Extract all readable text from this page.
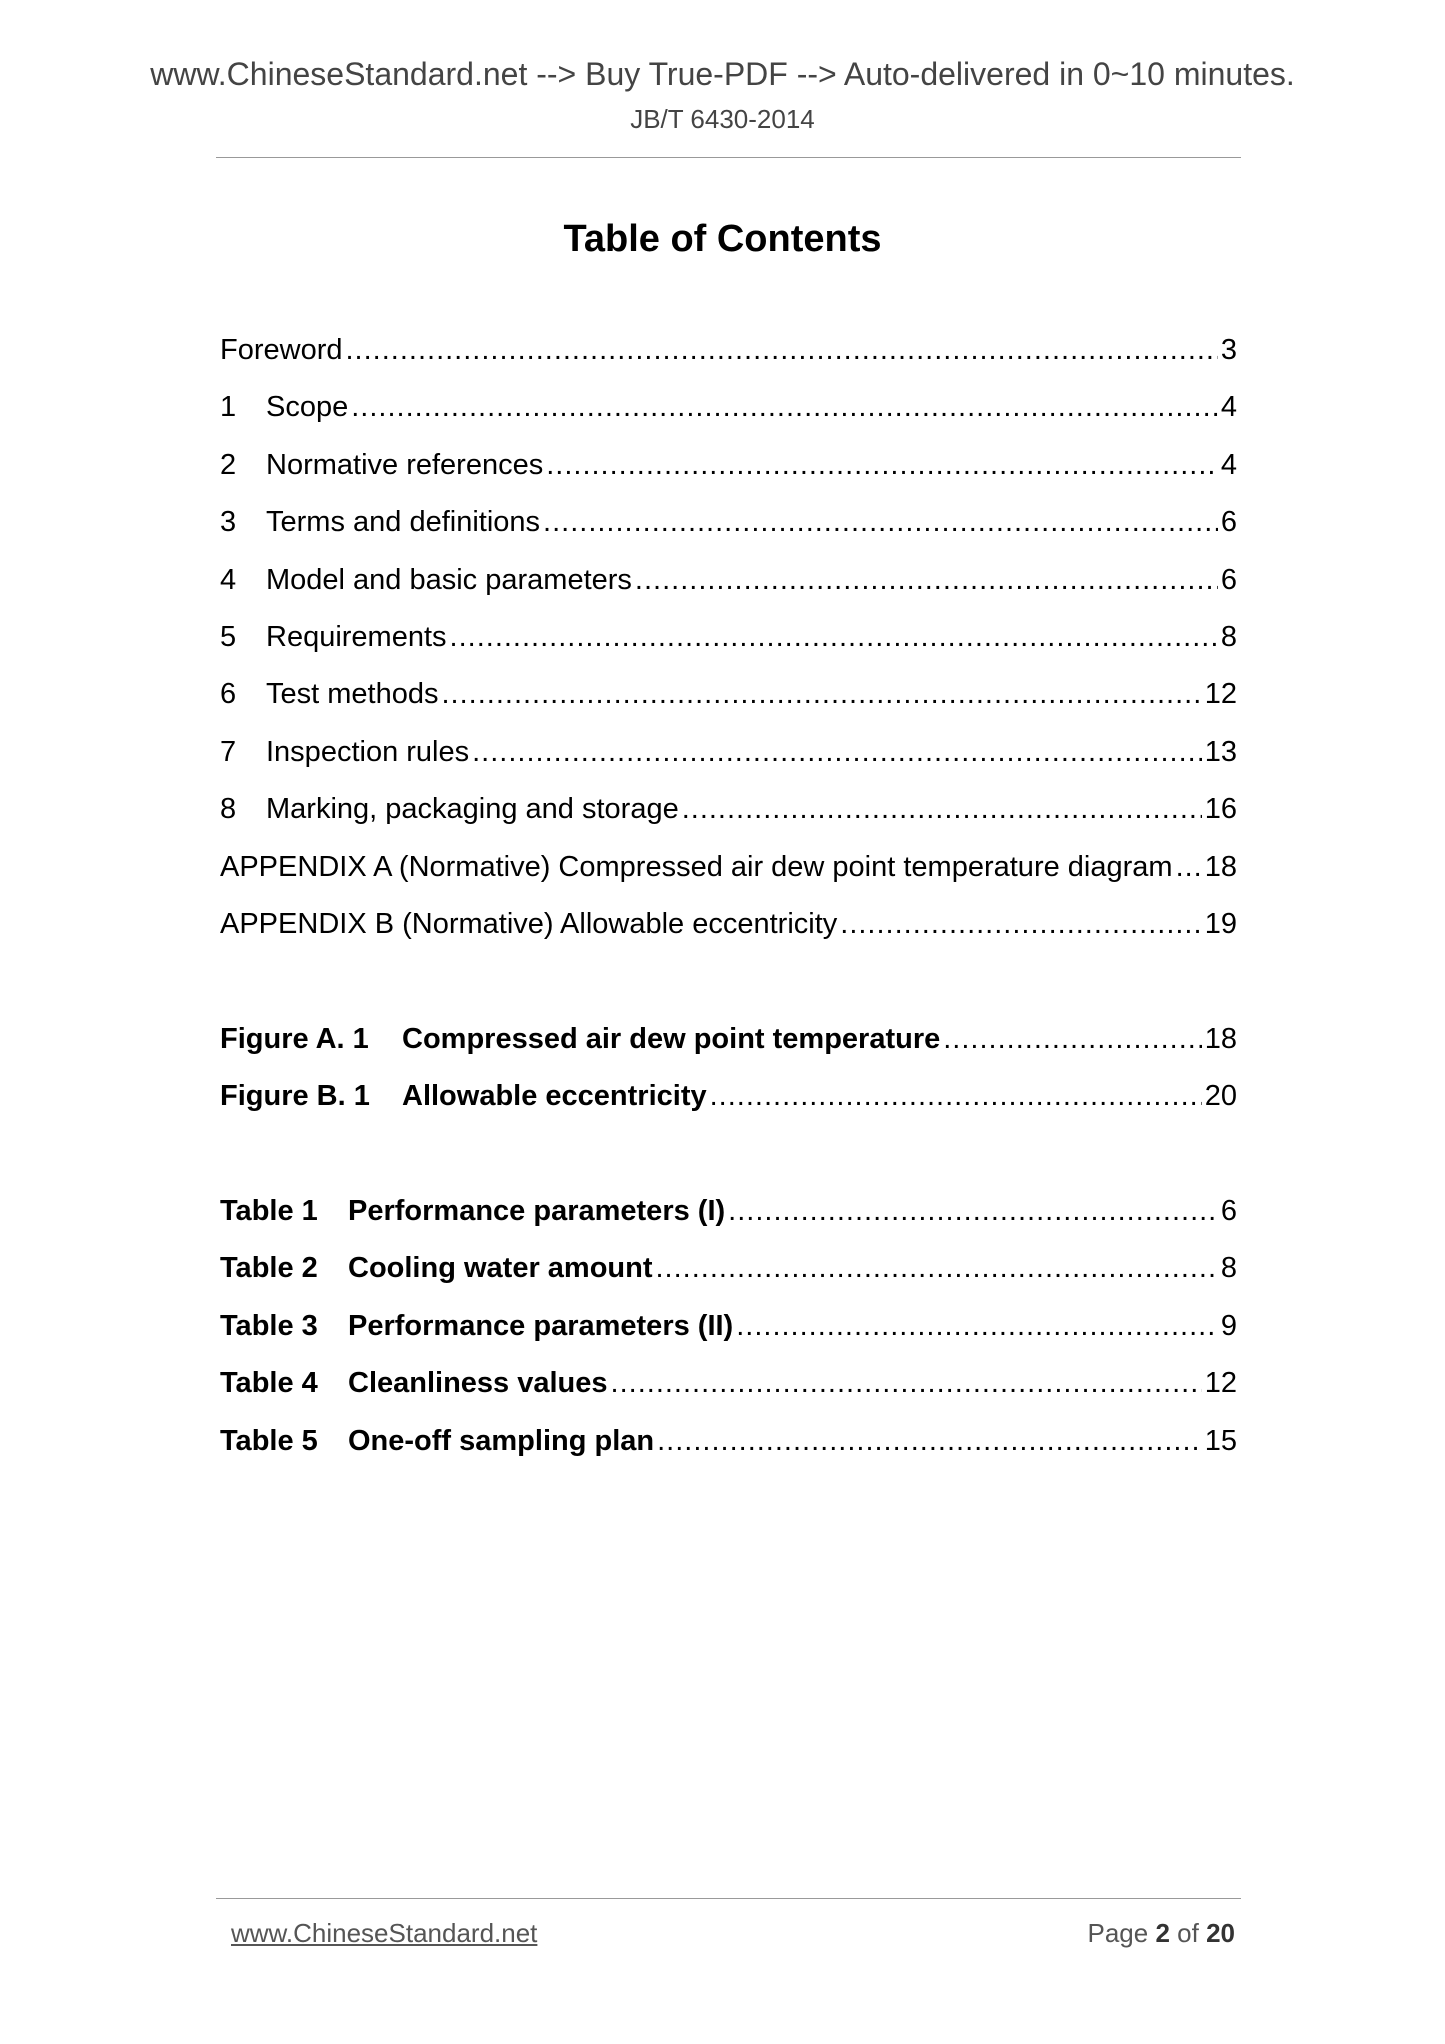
www.ChineseStandard.net --> Buy True-PDF --> Auto-delivered in 0~10 minutes.
JB/T 6430-2014
Table of Contents
Foreword .....	3
1	Scope .....	4
2	Normative references .....	4
3	Terms and definitions .....	6
4	Model and basic parameters .....	6
5	Requirements .....	8
6	Test methods .....	12
7	Inspection rules .....	13
8	Marking, packaging and storage .....	16
APPENDIX A (Normative) Compressed air dew point temperature diagram ..... 18
APPENDIX B (Normative) Allowable eccentricity .....	19
Figure A. 1	Compressed air dew point temperature .....	18
Figure B. 1	Allowable eccentricity .....	20
Table 1	Performance parameters (I) .....	6
Table 2	Cooling water amount .....	8
Table 3	Performance parameters (II) .....	9
Table 4	Cleanliness values .....	12
Table 5	One-off sampling plan .....	15
www.ChineseStandard.net	Page 2 of 20
